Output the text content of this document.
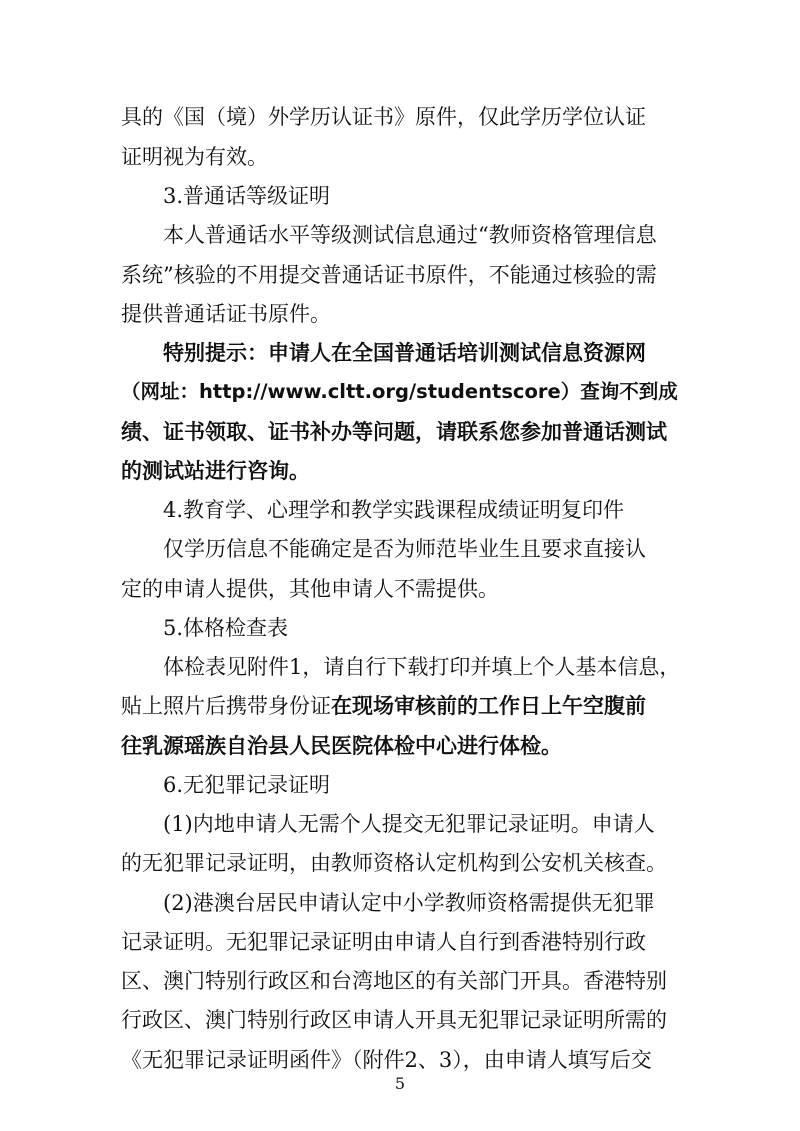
具的《国（境）外学历认证书》原件，仅此学历学位认证
证明视为有效。
3.普通话等级证明
本人普通话水平等级测试信息通过“教师资格管理信息
系统”核验的不用提交普通话证书原件，不能通过核验的需
提供普通话证书原件。
特别提示：申请人在全国普通话培训测试信息资源网
（网址：http://www.cltt.org/studentscore）查询不到成
绩、证书领取、证书补办等问题，请联系您参加普通话测试
的测试站进行咨询。
4.教育学、心理学和教学实践课程成绩证明复印件
仅学历信息不能确定是否为师范毕业生且要求直接认
定的申请人提供，其他申请人不需提供。
5.体格检查表
体检表见附件1，请自行下载打印并填上个人基本信息，
贴上照片后携带身份证在现场审核前的工作日上午空腹前
往乳源瑶族自治县人民医院体检中心进行体检。
6.无犯罪记录证明
(1)内地申请人无需个人提交无犯罪记录证明。申请人
的无犯罪记录证明，由教师资格认定机构到公安机关核查。
(2)港澳台居民申请认定中小学教师资格需提供无犯罪
记录证明。无犯罪记录证明由申请人自行到香港特别行政
区、澳门特别行政区和台湾地区的有关部门开具。香港特别
行政区、澳门特别行政区申请人开具无犯罪记录证明所需的
《无犯罪记录证明函件》（附件2、3），由申请人填写后交
5
